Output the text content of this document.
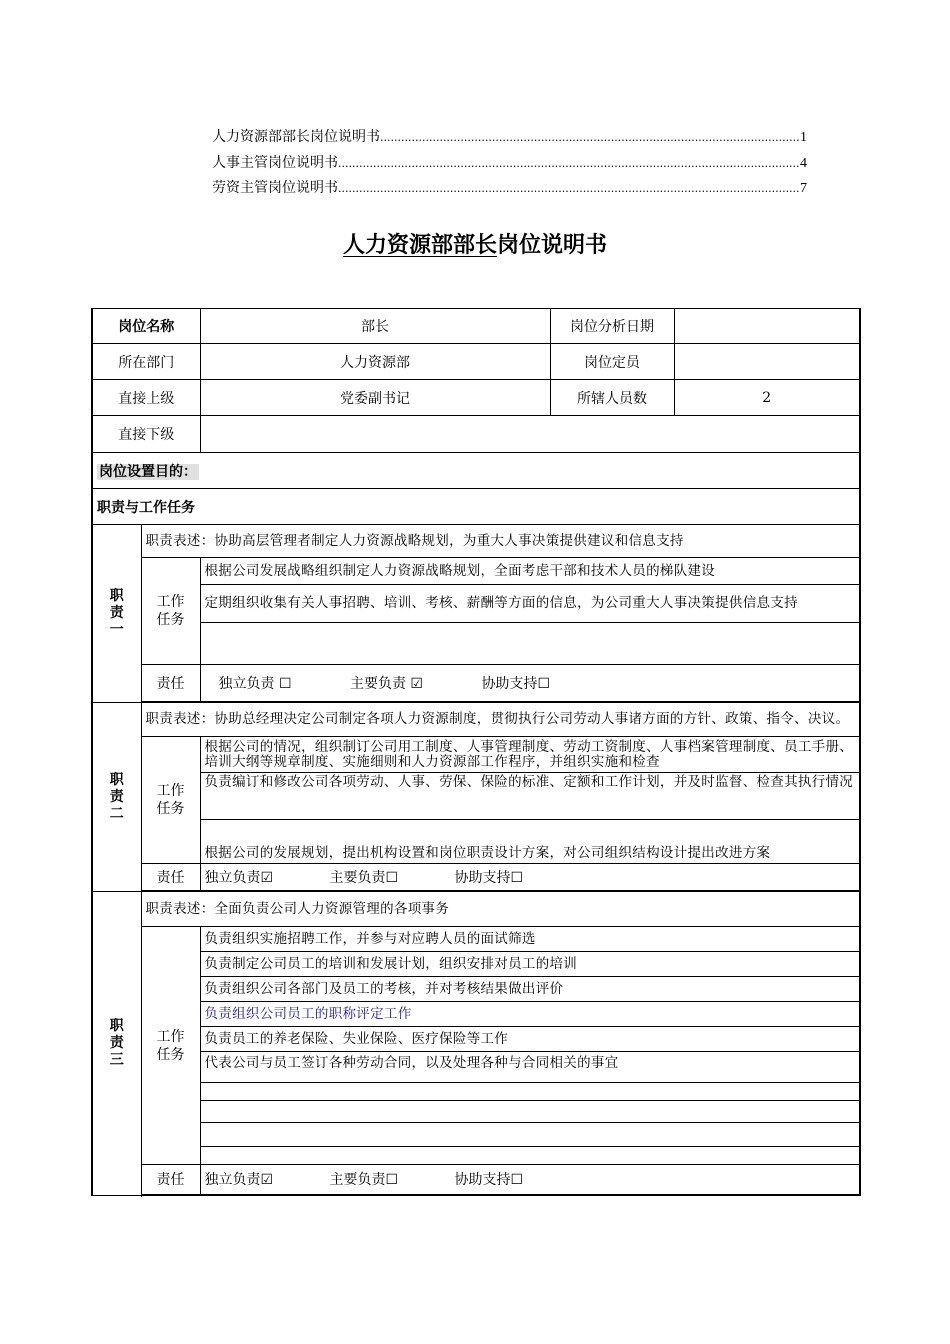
人力资源部部长岗位说明书 .....	1
人事主管岗位说明书 .....	4
劳资主管岗位说明书 .....	7
人力资源部部长岗位说明书
岗位名称		部长	岗位分析日期	
所在部门		人力资源部	岗位定员	
直接上级		党委副书记	所辖人员数	2
直接下级				
岗位设置目的：				
职责与工作任务				

职责一	职责表述：协助高层管理者制定人力资源战略规划，为重大人事决策提供建议和信息支持			

	工作任务	根据公司发展战略组织制定人力资源战略规划，全面考虑干部和技术人员的梯队建设		
		定期组织收集有关人事招聘、培训、考核、薪酬等方面的信息，为公司重大人事决策提供信息支持		

	责任	独立负责 ☐ 主要负责 ☑ 协助支持☐		

职责二	职责表述：协助总经理决定公司制定各项人力资源制度，贯彻执行公司劳动人事诸方面的方针、政策、指令、决议。			

	工作任务	根据公司的情况，组织制订公司用工制度、人事管理制度、劳动工资制度、人事档案管理制度、员工手册、培训大纲等规章制度、实施细则和人力资源部工作程序，并组织实施和检查		
		负责编订和修改公司各项劳动、人事、劳保、保险的标准、定额和工作计划，并及时监督、检查其执行情况		
		根据公司的发展规划，提出机构设置和岗位职责设计方案，对公司组织结构设计提出改进方案		
	责任	独立负责☑ 主要负责☐ 协助支持☐		

职责三	职责表述：全面负责公司人力资源管理的各项事务			

	工作任务	负责组织实施招聘工作，并参与对应聘人员的面试筛选		
		负责制定公司员工的培训和发展计划，组织安排对员工的培训		
		负责组织公司各部门及员工的考核，并对考核结果做出评价		
		负责组织公司员工的职称评定工作		
		负责员工的养老保险、失业保险、医疗保险等工作		
		代表公司与员工签订各种劳动合同，以及处理各种与合同相关的事宜		

	责任	独立负责☑ 主要负责☐ 协助支持☐		
